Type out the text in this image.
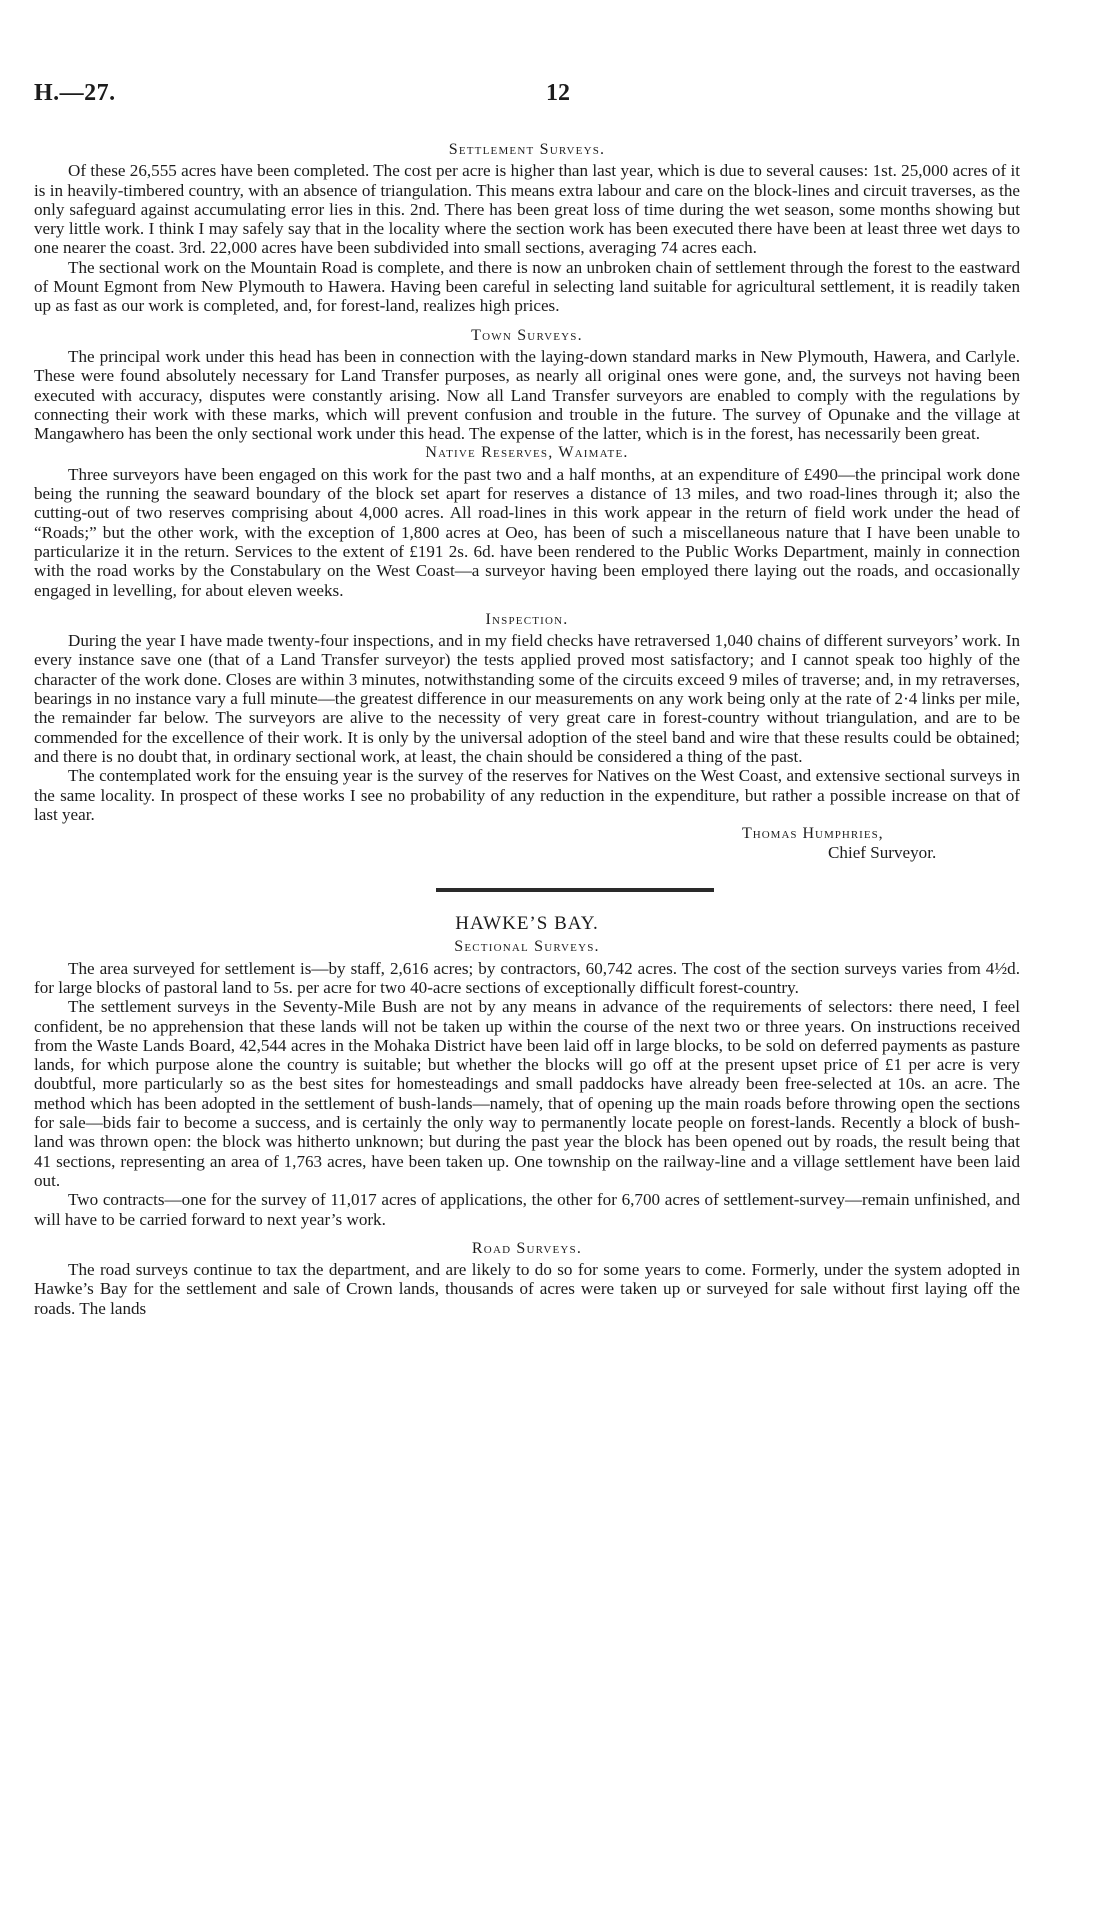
H.—27.	12
Settlement Surveys.

Of these 26,555 acres have been completed. The cost per acre is higher than last year, which is due to several causes: 1st. 25,000 acres of it is in heavily-timbered country, with an absence of triangulation. This means extra labour and care on the block-lines and circuit traverses, as the only safeguard against accumulating error lies in this. 2nd. There has been great loss of time during the wet season, some months showing but very little work. I think I may safely say that in the locality where the section work has been executed there have been at least three wet days to one nearer the coast. 3rd. 22,000 acres have been subdivided into small sections, averaging 74 acres each.

The sectional work on the Mountain Road is complete, and there is now an unbroken chain of settlement through the forest to the eastward of Mount Egmont from New Plymouth to Hawera. Having been careful in selecting land suitable for agricultural settlement, it is readily taken up as fast as our work is completed, and, for forest-land, realizes high prices.

Town Surveys.

The principal work under this head has been in connection with the laying-down standard marks in New Plymouth, Hawera, and Carlyle. These were found absolutely necessary for Land Transfer purposes, as nearly all original ones were gone, and, the surveys not having been executed with accuracy, disputes were constantly arising. Now all Land Transfer surveyors are enabled to comply with the regulations by connecting their work with these marks, which will prevent confusion and trouble in the future. The survey of Opunake and the village at Mangawhero has been the only sectional work under this head. The expense of the latter, which is in the forest, has necessarily been great.

Native Reserves, Waimate.

Three surveyors have been engaged on this work for the past two and a half months, at an expenditure of £490—the principal work done being the running the seaward boundary of the block set apart for reserves a distance of 13 miles, and two road-lines through it; also the cutting-out of two reserves comprising about 4,000 acres. All road-lines in this work appear in the return of field work under the head of “Roads;” but the other work, with the exception of 1,800 acres at Oeo, has been of such a miscellaneous nature that I have been unable to particularize it in the return. Services to the extent of £191 2s. 6d. have been rendered to the Public Works Department, mainly in connection with the road works by the Constabulary on the West Coast—a surveyor having been employed there laying out the roads, and occasionally engaged in levelling, for about eleven weeks.

Inspection.

During the year I have made twenty-four inspections, and in my field checks have retraversed 1,040 chains of different surveyors’ work. In every instance save one (that of a Land Transfer surveyor) the tests applied proved most satisfactory; and I cannot speak too highly of the character of the work done. Closes are within 3 minutes, notwithstanding some of the circuits exceed 9 miles of traverse; and, in my retraverses, bearings in no instance vary a full minute—the greatest difference in our measurements on any work being only at the rate of 2·4 links per mile, the remainder far below. The surveyors are alive to the necessity of very great care in forest-country without triangulation, and are to be commended for the excellence of their work. It is only by the universal adoption of the steel band and wire that these results could be obtained; and there is no doubt that, in ordinary sectional work, at least, the chain should be considered a thing of the past.

The contemplated work for the ensuing year is the survey of the reserves for Natives on the West Coast, and extensive sectional surveys in the same locality. In prospect of these works I see no probability of any reduction in the expenditure, but rather a possible increase on that of last year.

Thomas Humphries,
Chief Surveyor.
HAWKE’S BAY.
Sectional Surveys.

The area surveyed for settlement is—by staff, 2,616 acres; by contractors, 60,742 acres. The cost of the section surveys varies from 4½d. for large blocks of pastoral land to 5s. per acre for two 40-acre sections of exceptionally difficult forest-country.

The settlement surveys in the Seventy-Mile Bush are not by any means in advance of the requirements of selectors: there need, I feel confident, be no apprehension that these lands will not be taken up within the course of the next two or three years. On instructions received from the Waste Lands Board, 42,544 acres in the Mohaka District have been laid off in large blocks, to be sold on deferred payments as pasture lands, for which purpose alone the country is suitable; but whether the blocks will go off at the present upset price of £1 per acre is very doubtful, more particularly so as the best sites for homesteadings and small paddocks have already been free-selected at 10s. an acre. The method which has been adopted in the settlement of bush-lands—namely, that of opening up the main roads before throwing open the sections for sale—bids fair to become a success, and is certainly the only way to permanently locate people on forest-lands. Recently a block of bush-land was thrown open: the block was hitherto unknown; but during the past year the block has been opened out by roads, the result being that 41 sections, representing an area of 1,763 acres, have been taken up. One township on the railway-line and a village settlement have been laid out.

Two contracts—one for the survey of 11,017 acres of applications, the other for 6,700 acres of settlement-survey—remain unfinished, and will have to be carried forward to next year’s work.

Road Surveys.

The road surveys continue to tax the department, and are likely to do so for some years to come. Formerly, under the system adopted in Hawke’s Bay for the settlement and sale of Crown lands, thousands of acres were taken up or surveyed for sale without first laying off the roads. The lands
